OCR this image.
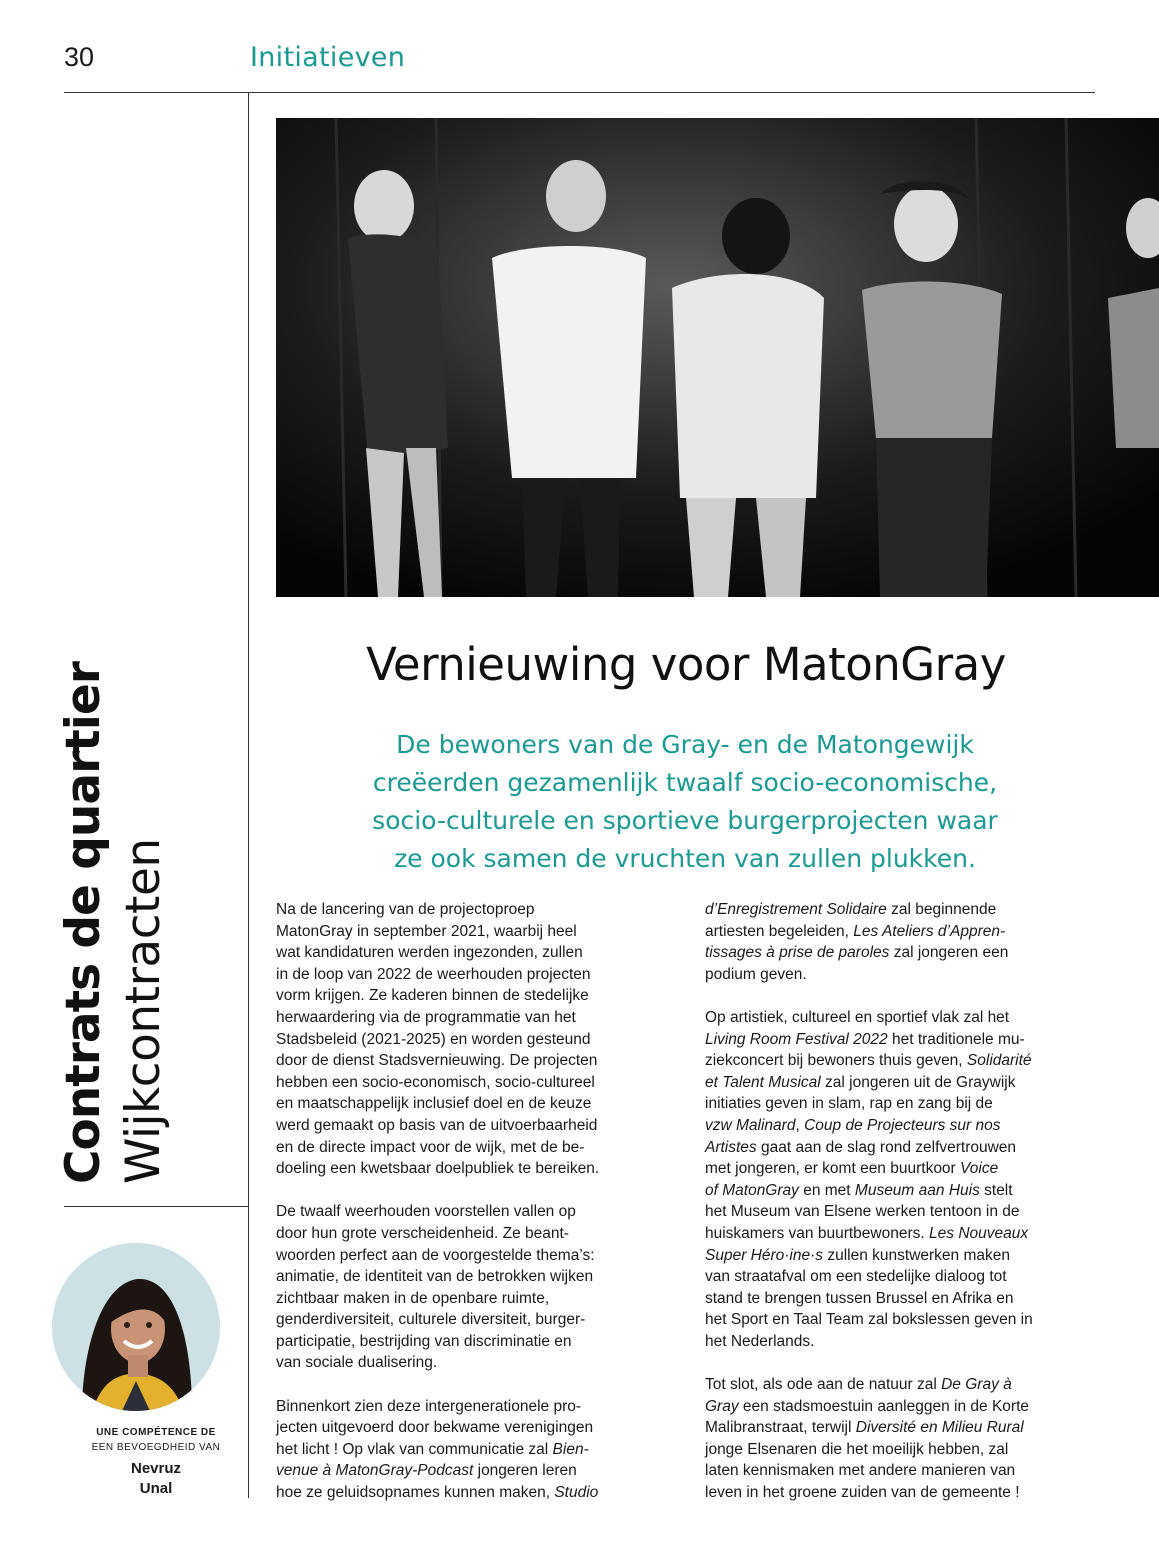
30	Initiatieven
Contrats de quartier Wijkcontracten
UNE COMPÉTENCE DE
EEN BEVOEGDHEID VAN
Nevruz
Unal
Vernieuwing voor MatonGray
De bewoners van de Gray- en de Matongewijk
creëerden gezamenlijk twaalf socio-economische,
socio-culturele en sportieve burgerprojecten waar
ze ook samen de vruchten van zullen plukken.

Na de lancering van de projectoproep
MatonGray in september 2021, waarbij heel
wat kandidaturen werden ingezonden, zullen
in de loop van 2022 de weerhouden projecten
vorm krijgen. Ze kaderen binnen de stedelijke
herwaardering via de programmatie van het
Stadsbeleid (2021-2025) en worden gesteund
door de dienst Stadsvernieuwing. De projecten
hebben een socio-economisch, socio-cultureel
en maatschappelijk inclusief doel en de keuze
werd gemaakt op basis van de uitvoerbaarheid
en de directe impact voor de wijk, met de be-
doeling een kwetsbaar doelpubliek te bereiken.

De twaalf weerhouden voorstellen vallen op
door hun grote verscheidenheid. Ze beant-
woorden perfect aan de voorgestelde thema’s:
animatie, de identiteit van de betrokken wijken
zichtbaar maken in de openbare ruimte,
genderdiversiteit, culturele diversiteit, burger-
participatie, bestrijding van discriminatie en
van sociale dualisering.

Binnenkort zien deze intergenerationele pro-
jecten uitgevoerd door bekwame verenigingen
het licht ! Op vlak van communicatie zal Bien-
venue à MatonGray-Podcast jongeren leren
hoe ze geluidsopnames kunnen maken, Studio

d’Enregistrement Solidaire zal beginnende
artiesten begeleiden, Les Ateliers d’Appren-
tissages à prise de paroles zal jongeren een
podium geven.

Op artistiek, cultureel en sportief vlak zal het
Living Room Festival 2022 het traditionele mu-
ziekconcert bij bewoners thuis geven, Solidarité
et Talent Musical zal jongeren uit de Graywijk
initiaties geven in slam, rap en zang bij de
vzw Malinard, Coup de Projecteurs sur nos
Artistes gaat aan de slag rond zelfvertrouwen
met jongeren, er komt een buurtkoor Voice
of MatonGray en met Museum aan Huis stelt
het Museum van Elsene werken tentoon in de
huiskamers van buurtbewoners. Les Nouveaux
Super Héro·ine·s zullen kunstwerken maken
van straatafval om een stedelijke dialoog tot
stand te brengen tussen Brussel en Afrika en
het Sport en Taal Team zal bokslessen geven in
het Nederlands.

Tot slot, als ode aan de natuur zal De Gray à
Gray een stadsmoestuin aanleggen in de Korte
Malibranstraat, terwijl Diversité en Milieu Rural
jonge Elsenaren die het moeilijk hebben, zal
laten kennismaken met andere manieren van
leven in het groene zuiden van de gemeente !
